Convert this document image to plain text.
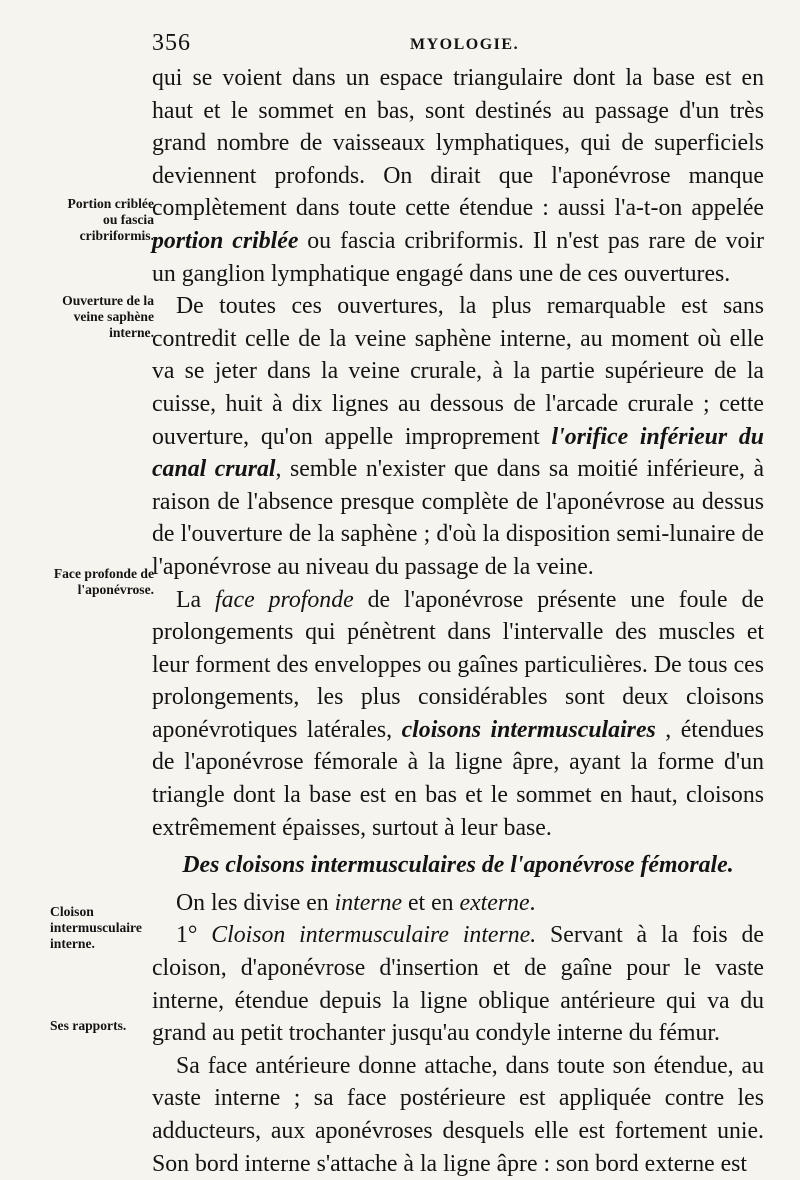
356	MYOLOGIE.
Portion criblée ou fascia cribriformis.
Ouverture de la veine saphène interne.
Face profonde de l'aponévrose.
Cloison intermusculaire interne.
Ses rapports.

qui se voient dans un espace triangulaire dont la base est en haut et le sommet en bas, sont destinés au passage d'un très grand nombre de vaisseaux lymphatiques, qui de superficiels deviennent profonds. On dirait que l'aponévrose manque complètement dans toute cette étendue : aussi l'a-t-on appelée portion criblée ou fascia cribriformis. Il n'est pas rare de voir un ganglion lymphatique engagé dans une de ces ouvertures.

De toutes ces ouvertures, la plus remarquable est sans contredit celle de la veine saphène interne, au moment où elle va se jeter dans la veine crurale, à la partie supérieure de la cuisse, huit à dix lignes au dessous de l'arcade crurale ; cette ouverture, qu'on appelle improprement l'orifice inférieur du canal crural, semble n'exister que dans sa moitié inférieure, à raison de l'absence presque complète de l'aponévrose au dessus de l'ouverture de la saphène ; d'où la disposition semi-lunaire de l'aponévrose au niveau du passage de la veine.

La face profonde de l'aponévrose présente une foule de prolongements qui pénètrent dans l'intervalle des muscles et leur forment des enveloppes ou gaînes particulières. De tous ces prolongements, les plus considérables sont deux cloisons aponévrotiques latérales, cloisons intermusculaires , étendues de l'aponévrose fémorale à la ligne âpre, ayant la forme d'un triangle dont la base est en bas et le sommet en haut, cloisons extrêmement épaisses, surtout à leur base.

Des cloisons intermusculaires de l'aponévrose fémorale.

On les divise en interne et en externe.

1° Cloison intermusculaire interne. Servant à la fois de cloison, d'aponévrose d'insertion et de gaîne pour le vaste interne, étendue depuis la ligne oblique antérieure qui va du grand au petit trochanter jusqu'au condyle interne du fémur.

Sa face antérieure donne attache, dans toute son étendue, au vaste interne ; sa face postérieure est appliquée contre les adducteurs, aux aponévroses desquels elle est fortement unie. Son bord interne s'attache à la ligne âpre : son bord externe est
